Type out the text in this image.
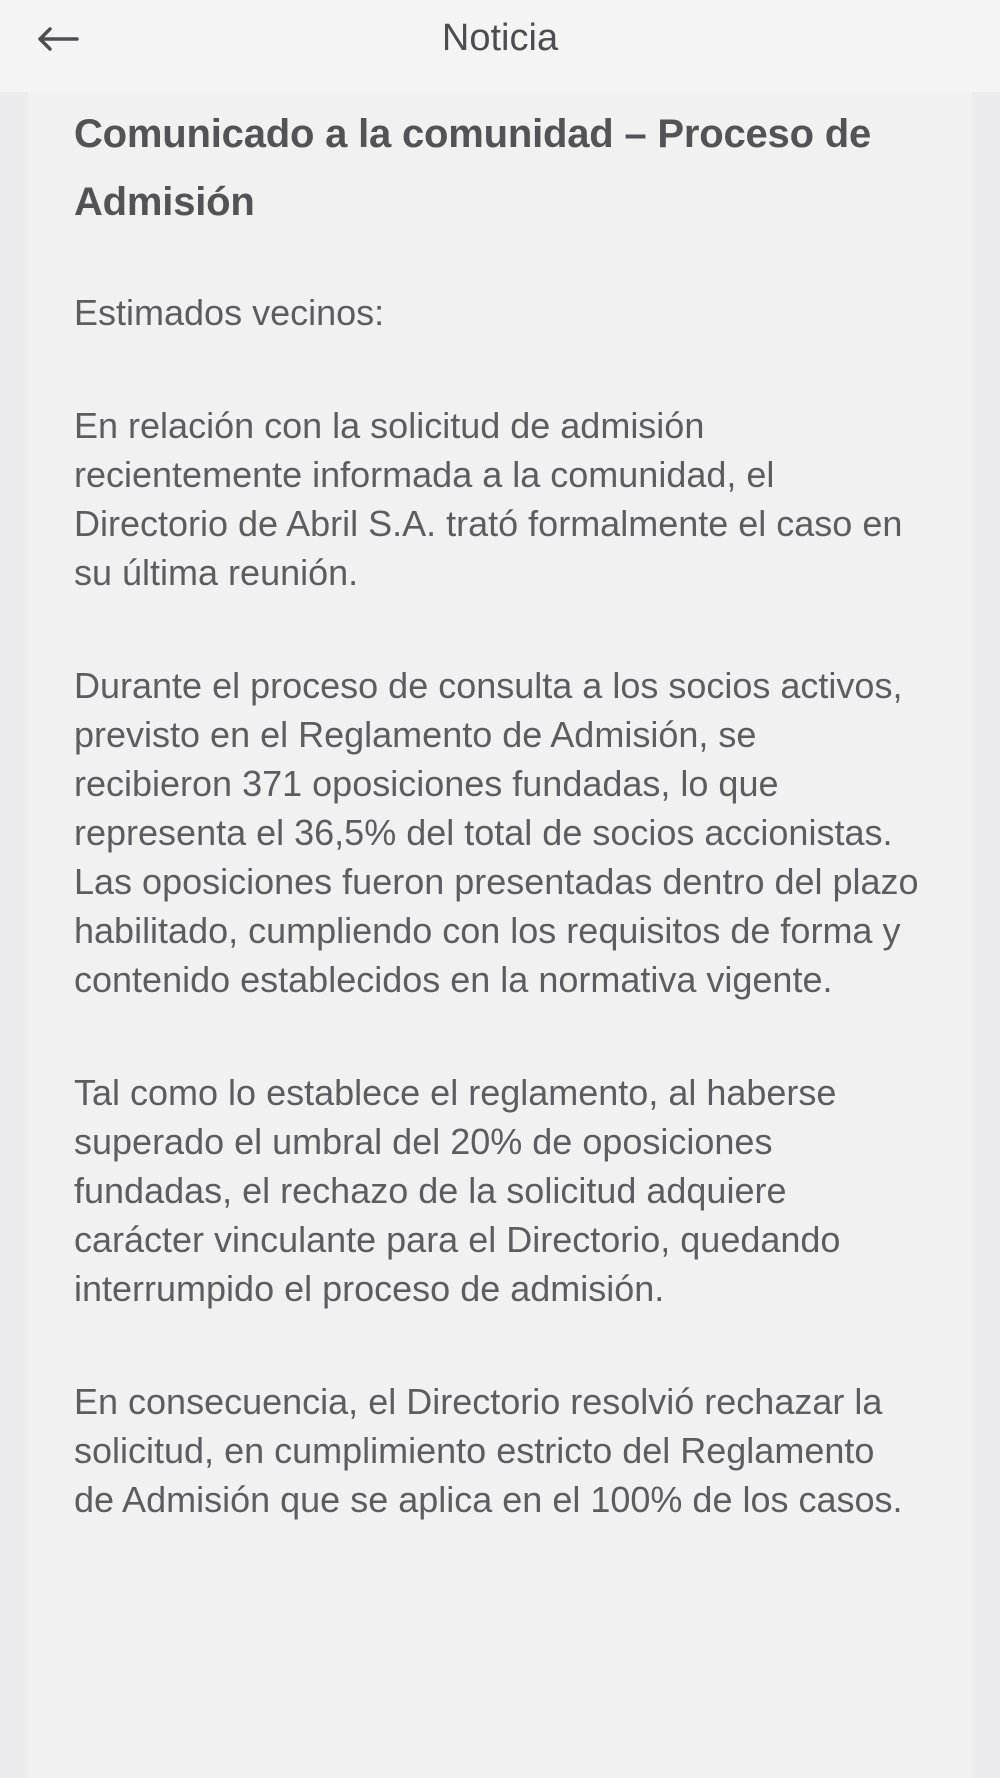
Noticia
Comunicado a la comunidad – Proceso de Admisión

Estimados vecinos:

En relación con la solicitud de admisión recientemente informada a la comunidad, el Directorio de Abril S.A. trató formalmente el caso en su última reunión.

Durante el proceso de consulta a los socios activos, previsto en el Reglamento de Admisión, se recibieron 371 oposiciones fundadas, lo que representa el 36,5% del total de socios accionistas. Las oposiciones fueron presentadas dentro del plazo habilitado, cumpliendo con los requisitos de forma y contenido establecidos en la normativa vigente.

Tal como lo establece el reglamento, al haberse superado el umbral del 20% de oposiciones fundadas, el rechazo de la solicitud adquiere carácter vinculante para el Directorio, quedando interrumpido el proceso de admisión.

En consecuencia, el Directorio resolvió rechazar la solicitud, en cumplimiento estricto del Reglamento de Admisión que se aplica en el 100% de los casos.
